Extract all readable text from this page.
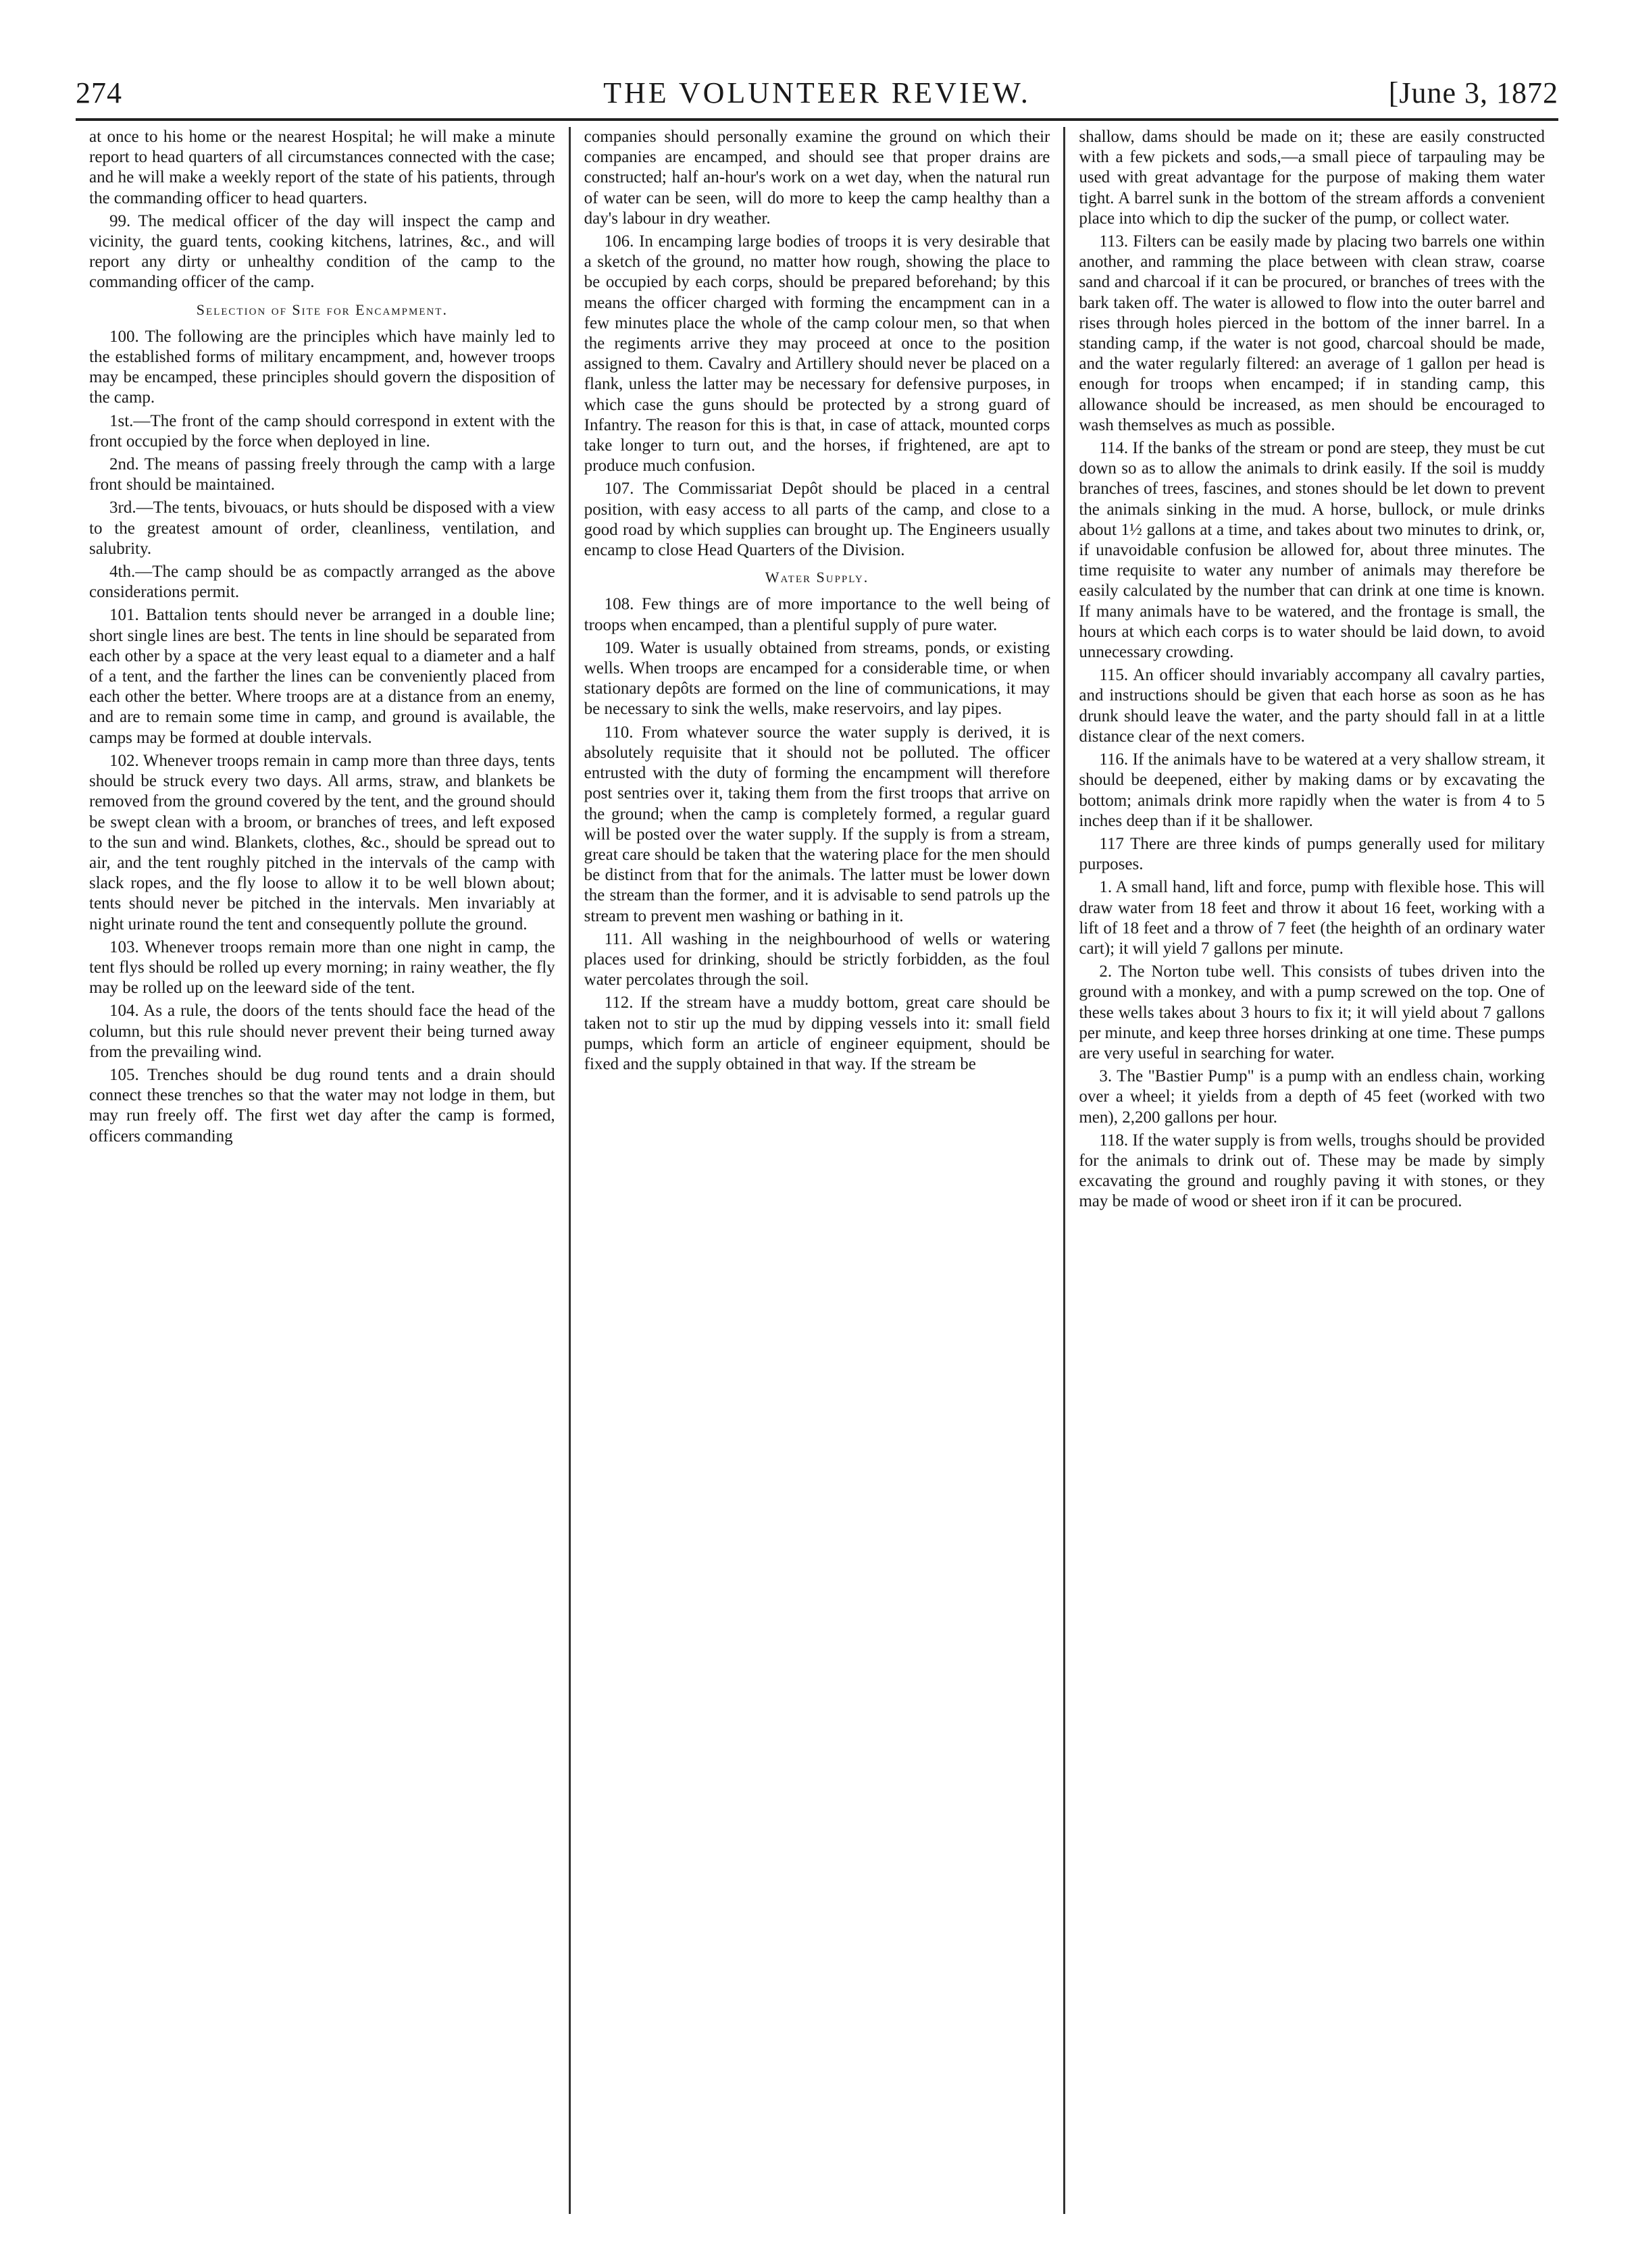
274	THE VOLUNTEER REVIEW.	[June 3, 1872

at once to his home or the nearest Hospital; he will make a minute report to head quarters of all circumstances connected with the case; and he will make a weekly report of the state of his patients, through the commanding officer to head quarters.

99. The medical officer of the day will inspect the camp and vicinity, the guard tents, cooking kitchens, latrines, &c., and will report any dirty or unhealthy condition of the camp to the commanding officer of the camp.

Selection of Site for Encampment.

100. The following are the principles which have mainly led to the established forms of military encampment, and, however troops may be encamped, these principles should govern the disposition of the camp.

1st.—The front of the camp should correspond in extent with the front occupied by the force when deployed in line.

2nd. The means of passing freely through the camp with a large front should be maintained.

3rd.—The tents, bivouacs, or huts should be disposed with a view to the greatest amount of order, cleanliness, ventilation, and salubrity.

4th.—The camp should be as compactly arranged as the above considerations permit.

101. Battalion tents should never be arranged in a double line; short single lines are best. The tents in line should be separated from each other by a space at the very least equal to a diameter and a half of a tent, and the farther the lines can be conveniently placed from each other the better. Where troops are at a distance from an enemy, and are to remain some time in camp, and ground is available, the camps may be formed at double intervals.

102. Whenever troops remain in camp more than three days, tents should be struck every two days. All arms, straw, and blankets be removed from the ground covered by the tent, and the ground should be swept clean with a broom, or branches of trees, and left exposed to the sun and wind. Blankets, clothes, &c., should be spread out to air, and the tent roughly pitched in the intervals of the camp with slack ropes, and the fly loose to allow it to be well blown about; tents should never be pitched in the intervals. Men invariably at night urinate round the tent and consequently pollute the ground.

103. Whenever troops remain more than one night in camp, the tent flys should be rolled up every morning; in rainy weather, the fly may be rolled up on the leeward side of the tent.

104. As a rule, the doors of the tents should face the head of the column, but this rule should never prevent their being turned away from the prevailing wind.

105. Trenches should be dug round tents and a drain should connect these trenches so that the water may not lodge in them, but may run freely off. The first wet day after the camp is formed, officers commanding

companies should personally examine the ground on which their companies are encamped, and should see that proper drains are constructed; half an-hour's work on a wet day, when the natural run of water can be seen, will do more to keep the camp healthy than a day's labour in dry weather.

106. In encamping large bodies of troops it is very desirable that a sketch of the ground, no matter how rough, showing the place to be occupied by each corps, should be prepared beforehand; by this means the officer charged with forming the encampment can in a few minutes place the whole of the camp colour men, so that when the regiments arrive they may proceed at once to the position assigned to them. Cavalry and Artillery should never be placed on a flank, unless the latter may be necessary for defensive purposes, in which case the guns should be protected by a strong guard of Infantry. The reason for this is that, in case of attack, mounted corps take longer to turn out, and the horses, if frightened, are apt to produce much confusion.

107. The Commissariat Depôt should be placed in a central position, with easy access to all parts of the camp, and close to a good road by which supplies can brought up. The Engineers usually encamp to close Head Quarters of the Division.

Water Supply.

108. Few things are of more importance to the well being of troops when encamped, than a plentiful supply of pure water.

109. Water is usually obtained from streams, ponds, or existing wells. When troops are encamped for a considerable time, or when stationary depôts are formed on the line of communications, it may be necessary to sink the wells, make reservoirs, and lay pipes.

110. From whatever source the water supply is derived, it is absolutely requisite that it should not be polluted. The officer entrusted with the duty of forming the encampment will therefore post sentries over it, taking them from the first troops that arrive on the ground; when the camp is completely formed, a regular guard will be posted over the water supply. If the supply is from a stream, great care should be taken that the watering place for the men should be distinct from that for the animals. The latter must be lower down the stream than the former, and it is advisable to send patrols up the stream to prevent men washing or bathing in it.

111. All washing in the neighbourhood of wells or watering places used for drinking, should be strictly forbidden, as the foul water percolates through the soil.

112. If the stream have a muddy bottom, great care should be taken not to stir up the mud by dipping vessels into it: small field pumps, which form an article of engineer equipment, should be fixed and the supply obtained in that way. If the stream be

shallow, dams should be made on it; these are easily constructed with a few pickets and sods,—a small piece of tarpauling may be used with great advantage for the purpose of making them water tight. A barrel sunk in the bottom of the stream affords a convenient place into which to dip the sucker of the pump, or collect water.

113. Filters can be easily made by placing two barrels one within another, and ramming the place between with clean straw, coarse sand and charcoal if it can be procured, or branches of trees with the bark taken off. The water is allowed to flow into the outer barrel and rises through holes pierced in the bottom of the inner barrel. In a standing camp, if the water is not good, charcoal should be made, and the water regularly filtered: an average of 1 gallon per head is enough for troops when encamped; if in standing camp, this allowance should be increased, as men should be encouraged to wash themselves as much as possible.

114. If the banks of the stream or pond are steep, they must be cut down so as to allow the animals to drink easily. If the soil is muddy branches of trees, fascines, and stones should be let down to prevent the animals sinking in the mud. A horse, bullock, or mule drinks about 1½ gallons at a time, and takes about two minutes to drink, or, if unavoidable confusion be allowed for, about three minutes. The time requisite to water any number of animals may therefore be easily calculated by the number that can drink at one time is known. If many animals have to be watered, and the frontage is small, the hours at which each corps is to water should be laid down, to avoid unnecessary crowding.

115. An officer should invariably accompany all cavalry parties, and instructions should be given that each horse as soon as he has drunk should leave the water, and the party should fall in at a little distance clear of the next comers.

116. If the animals have to be watered at a very shallow stream, it should be deepened, either by making dams or by excavating the bottom; animals drink more rapidly when the water is from 4 to 5 inches deep than if it be shallower.

117 There are three kinds of pumps generally used for military purposes.

1. A small hand, lift and force, pump with flexible hose. This will draw water from 18 feet and throw it about 16 feet, working with a lift of 18 feet and a throw of 7 feet (the heighth of an ordinary water cart); it will yield 7 gallons per minute.

2. The Norton tube well. This consists of tubes driven into the ground with a monkey, and with a pump screwed on the top. One of these wells takes about 3 hours to fix it; it will yield about 7 gallons per minute, and keep three horses drinking at one time. These pumps are very useful in searching for water.

3. The "Bastier Pump" is a pump with an endless chain, working over a wheel; it yields from a depth of 45 feet (worked with two men), 2,200 gallons per hour.

118. If the water supply is from wells, troughs should be provided for the animals to drink out of. These may be made by simply excavating the ground and roughly paving it with stones, or they may be made of wood or sheet iron if it can be procured.
